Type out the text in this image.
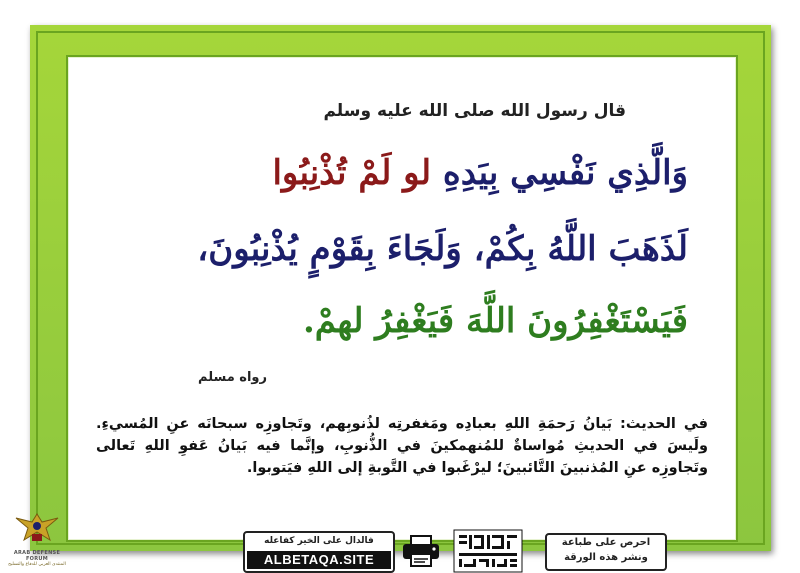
قال رسول الله صلى الله عليه وسلم
وَالَّذِي نَفْسِي بِيَدِهِ لو لَمْ تُذْنِبُوا
لَذَهَبَ اللَّهُ بِكُمْ، وَلَجَاءَ بِقَوْمٍ يُذْنِبُونَ،
فَيَسْتَغْفِرُونَ اللَّهَ فَيَغْفِرُ لهمْ.
رواه مسلم
في الحديث: بَيانُ رَحمَةِ اللهِ بعبادِه ومَغفرتِه لذُنوبِهم، وتَجاوزِه سبحانَه عنِ المُسيءِ. ولَيسَ في الحديثِ مُواساةٌ للمُنهمكينَ في الذُّنوبِ، وإنَّما فيه بَيانُ عَفوِ اللهِ تَعالى وتَجاوزِه عنِ المُذنبينَ التَّائبينَ؛ ليرْغَبوا في التَّوبةِ إلى اللهِ فيَتوبوا.
فالدال على الخير كفاعله
ALBETAQA.SITE
احرص على طباعة
ونشر هذه الورقة
ARAB DEFENSE FORUM
المنتدى العربي للدفاع والتسليح
